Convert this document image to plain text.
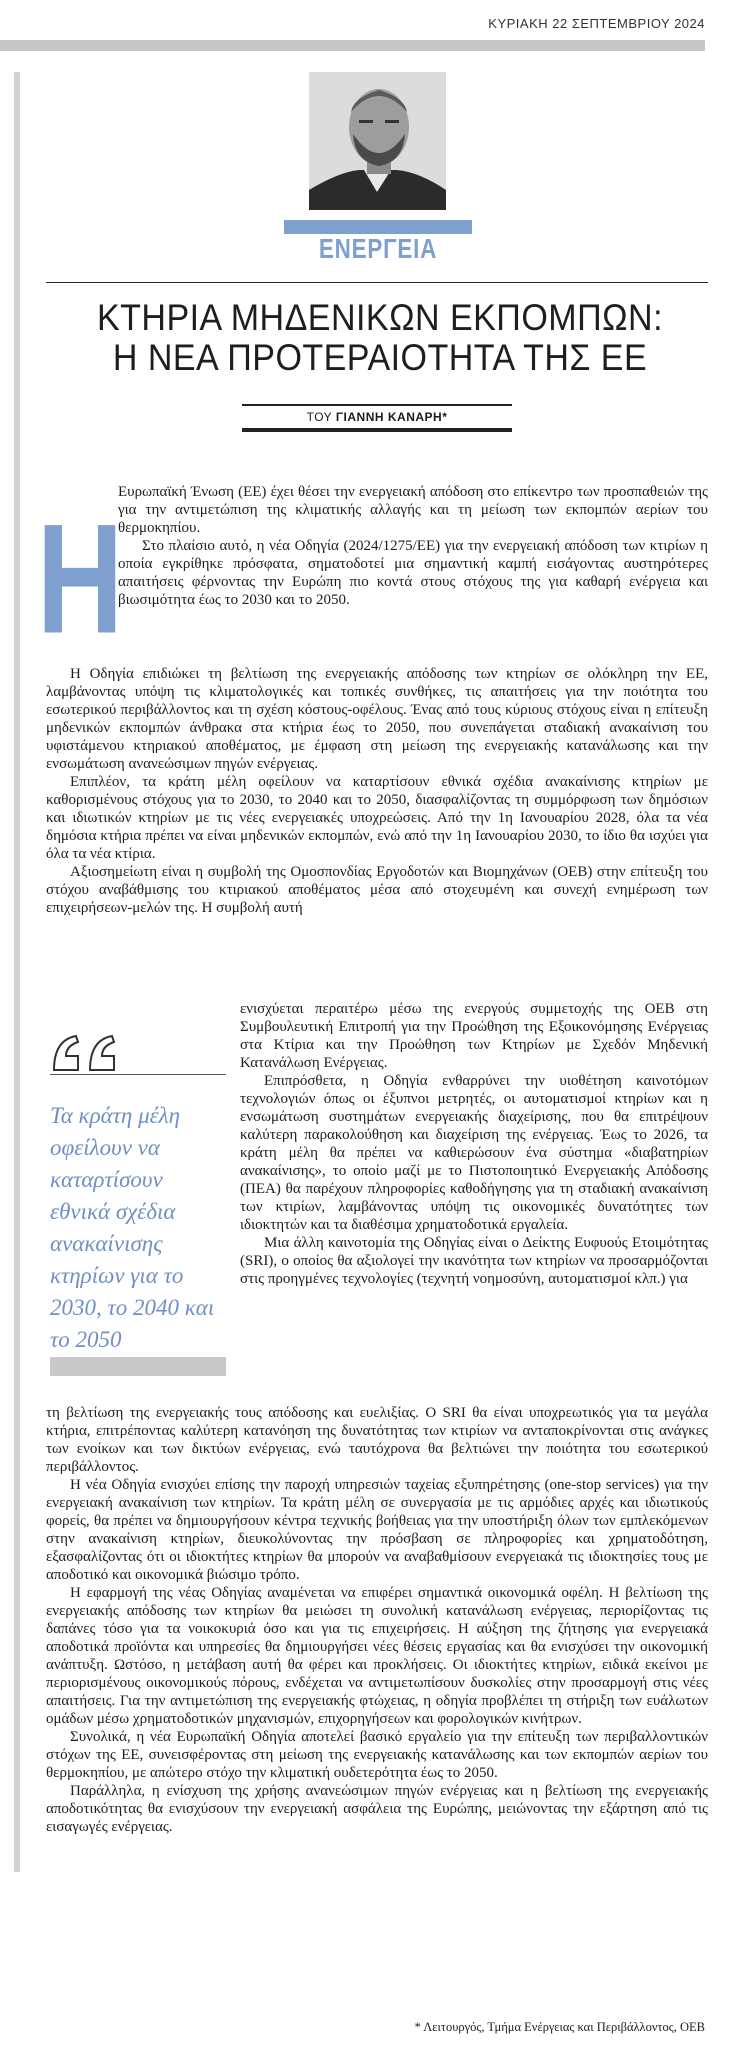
ΚΥΡΙΑΚΗ 22 ΣΕΠΤΕΜΒΡΙΟΥ 2024
ΕΝΕΡΓΕΙΑ
ΚΤΗΡΙΑ ΜΗΔΕΝΙΚΩΝ ΕΚΠΟΜΠΩΝ:
Η ΝΕΑ ΠΡΟΤΕΡΑΙΟΤΗΤΑ ΤΗΣ ΕΕ
ΤΟΥ ΓΙΑΝΝΗ ΚΑΝΑΡΗ*
Η

Ευρωπαϊκή Ένωση (ΕΕ) έχει θέσει την ενεργειακή απόδοση στο επίκεντρο των προσπαθειών της για την αντιμετώπιση της κλιματικής αλλαγής και τη μείωση των εκπομπών αερίων του θερμοκηπίου.

Στο πλαίσιο αυτό, η νέα Οδηγία (2024/1275/ΕΕ) για την ενεργειακή απόδοση των κτιρίων η οποία εγκρίθηκε πρόσφατα, σηματοδοτεί μια σημαντική καμπή εισάγοντας αυστηρότερες απαιτήσεις φέρνοντας την Ευρώπη πιο κοντά στους στόχους της για καθαρή ενέργεια και βιωσιμότητα έως το 2030 και το 2050.

Η Οδηγία επιδιώκει τη βελτίωση της ενεργειακής απόδοσης των κτηρίων σε ολόκληρη την ΕΕ, λαμβάνοντας υπόψη τις κλιματολογικές και τοπικές συνθήκες, τις απαιτήσεις για την ποιότητα του εσωτερικού περιβάλλοντος και τη σχέση κόστους-οφέλους. Ένας από τους κύριους στόχους είναι η επίτευξη μηδενικών εκπομπών άνθρακα στα κτήρια έως το 2050, που συνεπάγεται σταδιακή ανακαίνιση του υφιστάμενου κτηριακού αποθέματος, με έμφαση στη μείωση της ενεργειακής κατανάλωσης και την ενσωμάτωση ανανεώσιμων πηγών ενέργειας.

Επιπλέον, τα κράτη μέλη οφείλουν να καταρτίσουν εθνικά σχέδια ανακαίνισης κτηρίων με καθορισμένους στόχους για το 2030, το 2040 και το 2050, διασφαλίζοντας τη συμμόρφωση των δημόσιων και ιδιωτικών κτηρίων με τις νέες ενεργειακές υποχρεώσεις. Από την 1η Ιανουαρίου 2028, όλα τα νέα δημόσια κτήρια πρέπει να είναι μηδενικών εκπομπών, ενώ από την 1η Ιανουαρίου 2030, το ίδιο θα ισχύει για όλα τα νέα κτίρια.

Αξιοσημείωτη είναι η συμβολή της Ομοσπονδίας Εργοδοτών και Βιομηχάνων (ΟΕΒ) στην επίτευξη του στόχου αναβάθμισης του κτιριακού αποθέματος μέσα από στοχευμένη και συνεχή ενημέρωση των επιχειρήσεων-μελών της. Η συμβολή αυτή

Τα κράτη μέλη οφείλουν να καταρτίσουν εθνικά σχέδια ανακαίνισης κτηρίων για το 2030, το 2040 και το 2050

ενισχύεται περαιτέρω μέσω της ενεργούς συμμετοχής της ΟΕΒ στη Συμβουλευτική Επιτροπή για την Προώθηση της Εξοικονόμησης Ενέργειας στα Κτίρια και την Προώθηση των Κτηρίων με Σχεδόν Μηδενική Κατανάλωση Ενέργειας.

Επιπρόσθετα, η Οδηγία ενθαρρύνει την υιοθέτηση καινοτόμων τεχνολογιών όπως οι έξυπνοι μετρητές, οι αυτοματισμοί κτηρίων και η ενσωμάτωση συστημάτων ενεργειακής διαχείρισης, που θα επιτρέψουν καλύτερη παρακολούθηση και διαχείριση της ενέργειας. Έως το 2026, τα κράτη μέλη θα πρέπει να καθιερώσουν ένα σύστημα «διαβατηρίων ανακαίνισης», το οποίο μαζί με το Πιστοποιητικό Ενεργειακής Απόδοσης (ΠΕΑ) θα παρέχουν πληροφορίες καθοδήγησης για τη σταδιακή ανακαίνιση των κτιρίων, λαμβάνοντας υπόψη τις οικονομικές δυνατότητες των ιδιοκτητών και τα διαθέσιμα χρηματοδοτικά εργαλεία.

Μια άλλη καινοτομία της Οδηγίας είναι ο Δείκτης Ευφυούς Ετοιμότητας (SRI), ο οποίος θα αξιολογεί την ικανότητα των κτηρίων να προσαρμόζονται στις προηγμένες τεχνολογίες (τεχνητή νοημοσύνη, αυτοματισμοί κλπ.) για

τη βελτίωση της ενεργειακής τους απόδοσης και ευελιξίας. Ο SRI θα είναι υποχρεωτικός για τα μεγάλα κτήρια, επιτρέποντας καλύτερη κατανόηση της δυνατότητας των κτιρίων να ανταποκρίνονται στις ανάγκες των ενοίκων και των δικτύων ενέργειας, ενώ ταυτόχρονα θα βελτιώνει την ποιότητα του εσωτερικού περιβάλλοντος.

Η νέα Οδηγία ενισχύει επίσης την παροχή υπηρεσιών ταχείας εξυπηρέτησης (one-stop services) για την ενεργειακή ανακαίνιση των κτηρίων. Τα κράτη μέλη σε συνεργασία με τις αρμόδιες αρχές και ιδιωτικούς φορείς, θα πρέπει να δημιουργήσουν κέντρα τεχνικής βοήθειας για την υποστήριξη όλων των εμπλεκόμενων στην ανακαίνιση κτηρίων, διευκολύνοντας την πρόσβαση σε πληροφορίες και χρηματοδότηση, εξασφαλίζοντας ότι οι ιδιοκτήτες κτηρίων θα μπορούν να αναβαθμίσουν ενεργειακά τις ιδιοκτησίες τους με αποδοτικό και οικονομικά βιώσιμο τρόπο.

Η εφαρμογή της νέας Οδηγίας αναμένεται να επιφέρει σημαντικά οικονομικά οφέλη. Η βελτίωση της ενεργειακής απόδοσης των κτηρίων θα μειώσει τη συνολική κατανάλωση ενέργειας, περιορίζοντας τις δαπάνες τόσο για τα νοικοκυριά όσο και για τις επιχειρήσεις. Η αύξηση της ζήτησης για ενεργειακά αποδοτικά προϊόντα και υπηρεσίες θα δημιουργήσει νέες θέσεις εργασίας και θα ενισχύσει την οικονομική ανάπτυξη. Ωστόσο, η μετάβαση αυτή θα φέρει και προκλήσεις. Οι ιδιοκτήτες κτηρίων, ειδικά εκείνοι με περιορισμένους οικονομικούς πόρους, ενδέχεται να αντιμετωπίσουν δυσκολίες στην προσαρμογή στις νέες απαιτήσεις. Για την αντιμετώπιση της ενεργειακής φτώχειας, η οδηγία προβλέπει τη στήριξη των ευάλωτων ομάδων μέσω χρηματοδοτικών μηχανισμών, επιχορηγήσεων και φορολογικών κινήτρων.

Συνολικά, η νέα Ευρωπαϊκή Οδηγία αποτελεί βασικό εργαλείο για την επίτευξη των περιβαλλοντικών στόχων της ΕΕ, συνεισφέροντας στη μείωση της ενεργειακής κατανάλωσης και των εκπομπών αερίων του θερμοκηπίου, με απώτερο στόχο την κλιματική ουδετερότητα έως το 2050.

Παράλληλα, η ενίσχυση της χρήσης ανανεώσιμων πηγών ενέργειας και η βελτίωση της ενεργειακής αποδοτικότητας θα ενισχύσουν την ενεργειακή ασφάλεια της Ευρώπης, μειώνοντας την εξάρτηση από τις εισαγωγές ενέργειας.

* Λειτουργός, Τμήμα Ενέργειας και Περιβάλλοντος, ΟΕΒ
